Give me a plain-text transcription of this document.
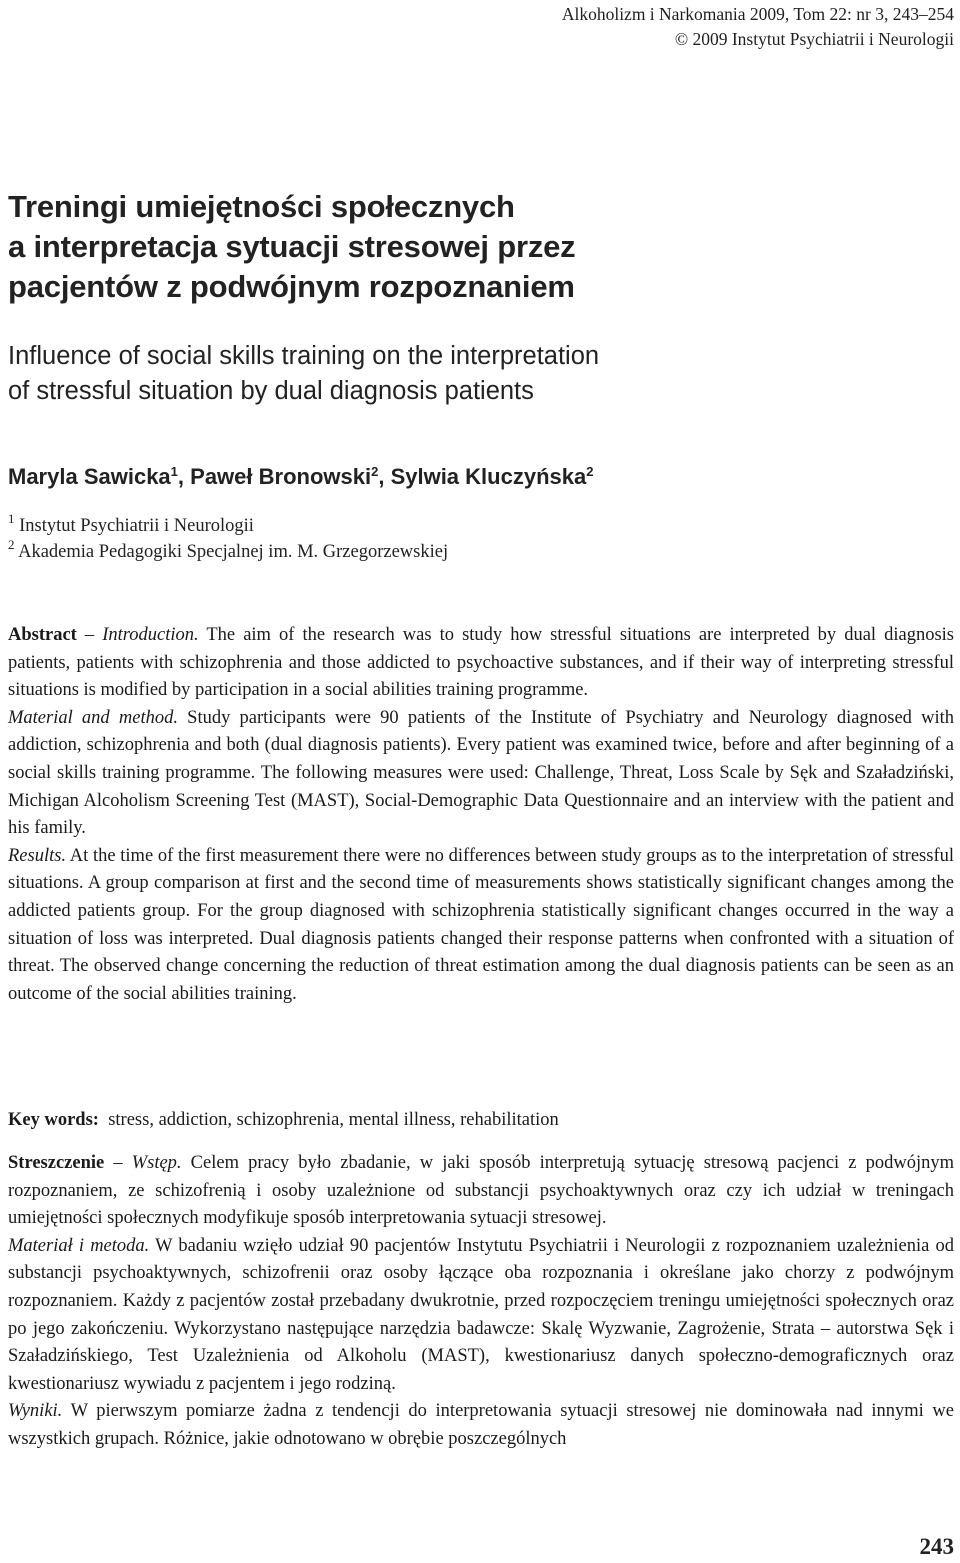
Alkoholizm i Narkomania 2009, Tom 22: nr 3, 243–254
© 2009 Instytut Psychiatrii i Neurologii
Treningi umiejętności społecznych
a interpretacja sytuacji stresowej przez
pacjentów z podwójnym rozpoznaniem
Influence of social skills training on the interpretation
of stressful situation by dual diagnosis patients
Maryla Sawicka$^1$, Paweł Bronowski$^2$, Sylwia Kluczyńska$^2$
$^1$ Instytut Psychiatrii i Neurologii
$^2$ Akademia Pedagogiki Specjalnej im. M. Grzegorzewskiej

Abstract – Introduction. The aim of the research was to study how stressful situations are interpreted by dual diagnosis patients, patients with schizophrenia and those addicted to psychoactive substances, and if their way of interpreting stressful situations is modified by participation in a social abilities training programme.

Material and method. Study participants were 90 patients of the Institute of Psychiatry and Neurology diagnosed with addiction, schizophrenia and both (dual diagnosis patients). Every patient was examined twice, before and after beginning of a social skills training programme. The following measures were used: Challenge, Threat, Loss Scale by Sęk and Szaładziński, Michigan Alcoholism Screening Test (MAST), Social-Demographic Data Questionnaire and an interview with the patient and his family.

Results. At the time of the first measurement there were no differences between study groups as to the interpretation of stressful situations. A group comparison at first and the second time of measurements shows statistically significant changes among the addicted patients group. For the group diagnosed with schizophrenia statistically significant changes occurred in the way a situation of loss was interpreted. Dual diagnosis patients changed their response patterns when confronted with a situation of threat. The observed change concerning the reduction of threat estimation among the dual diagnosis patients can be seen as an outcome of the social abilities training.

Key words:  stress, addiction, schizophrenia, mental illness, rehabilitation

Streszczenie – Wstęp. Celem pracy było zbadanie, w jaki sposób interpretują sytuację stresową pacjenci z podwójnym rozpoznaniem, ze schizofrenią i osoby uzależnione od substancji psychoaktywnych oraz czy ich udział w treningach umiejętności społecznych modyfikuje sposób interpretowania sytuacji stresowej.

Materiał i metoda. W badaniu wzięło udział 90 pacjentów Instytutu Psychiatrii i Neurologii z rozpoznaniem uzależnienia od substancji psychoaktywnych, schizofrenii oraz osoby łączące oba rozpoznania i określane jako chorzy z podwójnym rozpoznaniem. Każdy z pacjentów został przebadany dwukrotnie, przed rozpoczęciem treningu umiejętności społecznych oraz po jego zakończeniu. Wykorzystano następujące narzędzia badawcze: Skalę Wyzwanie, Zagrożenie, Strata – autorstwa Sęk i Szaładzińskiego, Test Uzależnienia od Alkoholu (MAST), kwestionariusz danych społeczno-demograficznych oraz kwestionariusz wywiadu z pacjentem i jego rodziną.

Wyniki. W pierwszym pomiarze żadna z tendencji do interpretowania sytuacji stresowej nie dominowała nad innymi we wszystkich grupach. Różnice, jakie odnotowano w obrębie poszczególnych

243
